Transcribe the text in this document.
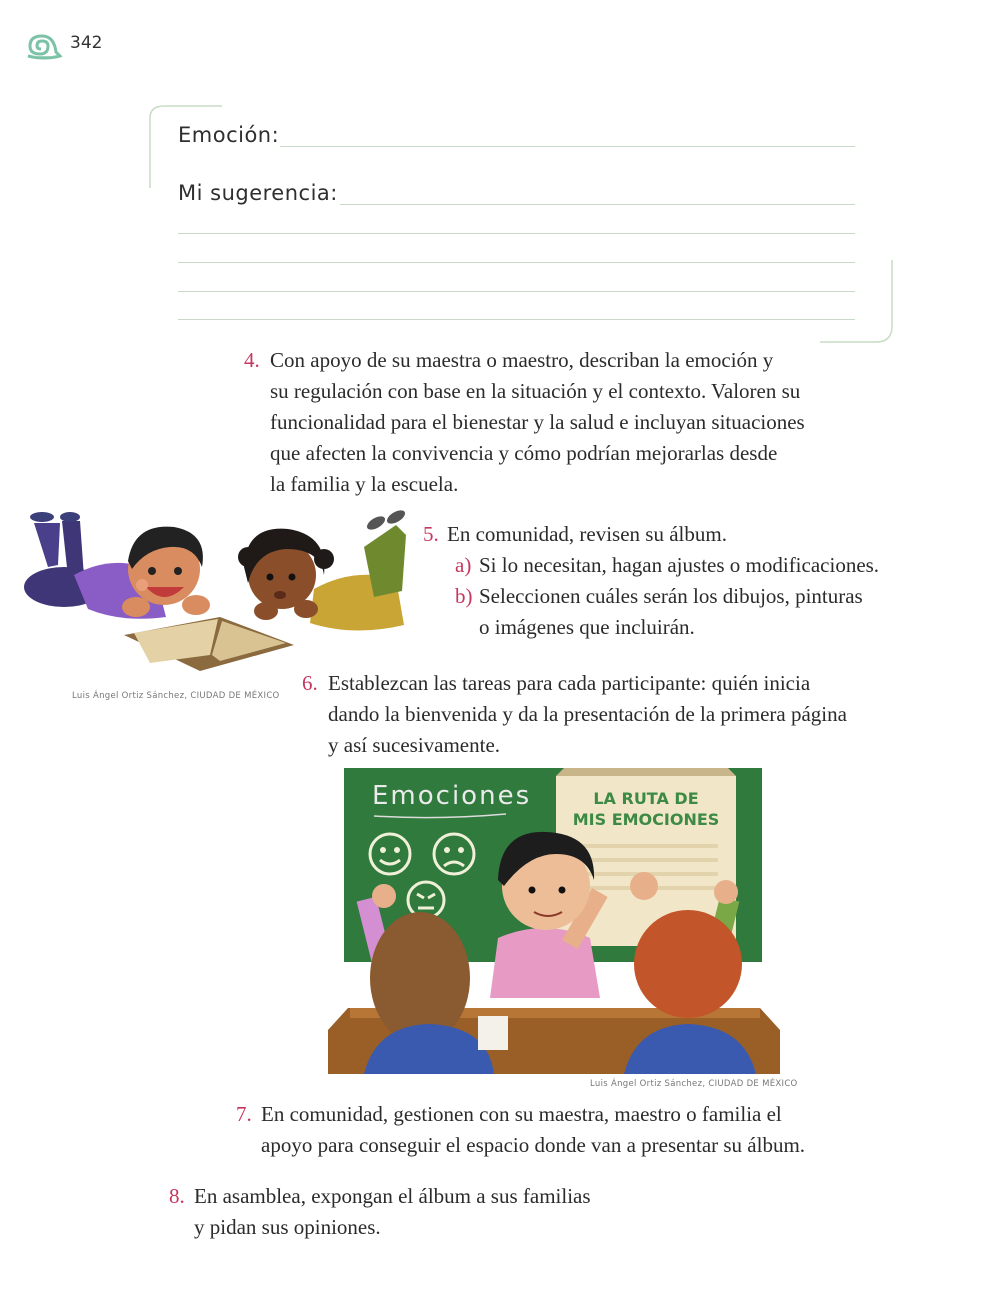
342
Emoción:
Mi sugerencia:
4. Con apoyo de su maestra o maestro, describan la emoción y
su regulación con base en la situación y el contexto. Valoren su
funcionalidad para el bienestar y la salud e incluyan situaciones
que afecten la convivencia y cómo podrían mejorarlas desde
la familia y la escuela.
Luis Ángel Ortiz Sánchez, CIUDAD DE MÉXICO
5. En comunidad, revisen su álbum.
a) Si lo necesitan, hagan ajustes o modificaciones.
b) Seleccionen cuáles serán los dibujos, pinturas
o imágenes que incluirán.
6. Establezcan las tareas para cada participante: quién inicia
dando la bienvenida y da la presentación de la primera página
y así sucesivamente.
Emociones	LA RUTA DE
MIS EMOCIONES
Luis Ángel Ortiz Sánchez, CIUDAD DE MÉXICO
7. En comunidad, gestionen con su maestra, maestro o familia el
apoyo para conseguir el espacio donde van a presentar su álbum.
8. En asamblea, expongan el álbum a sus familias
y pidan sus opiniones.
